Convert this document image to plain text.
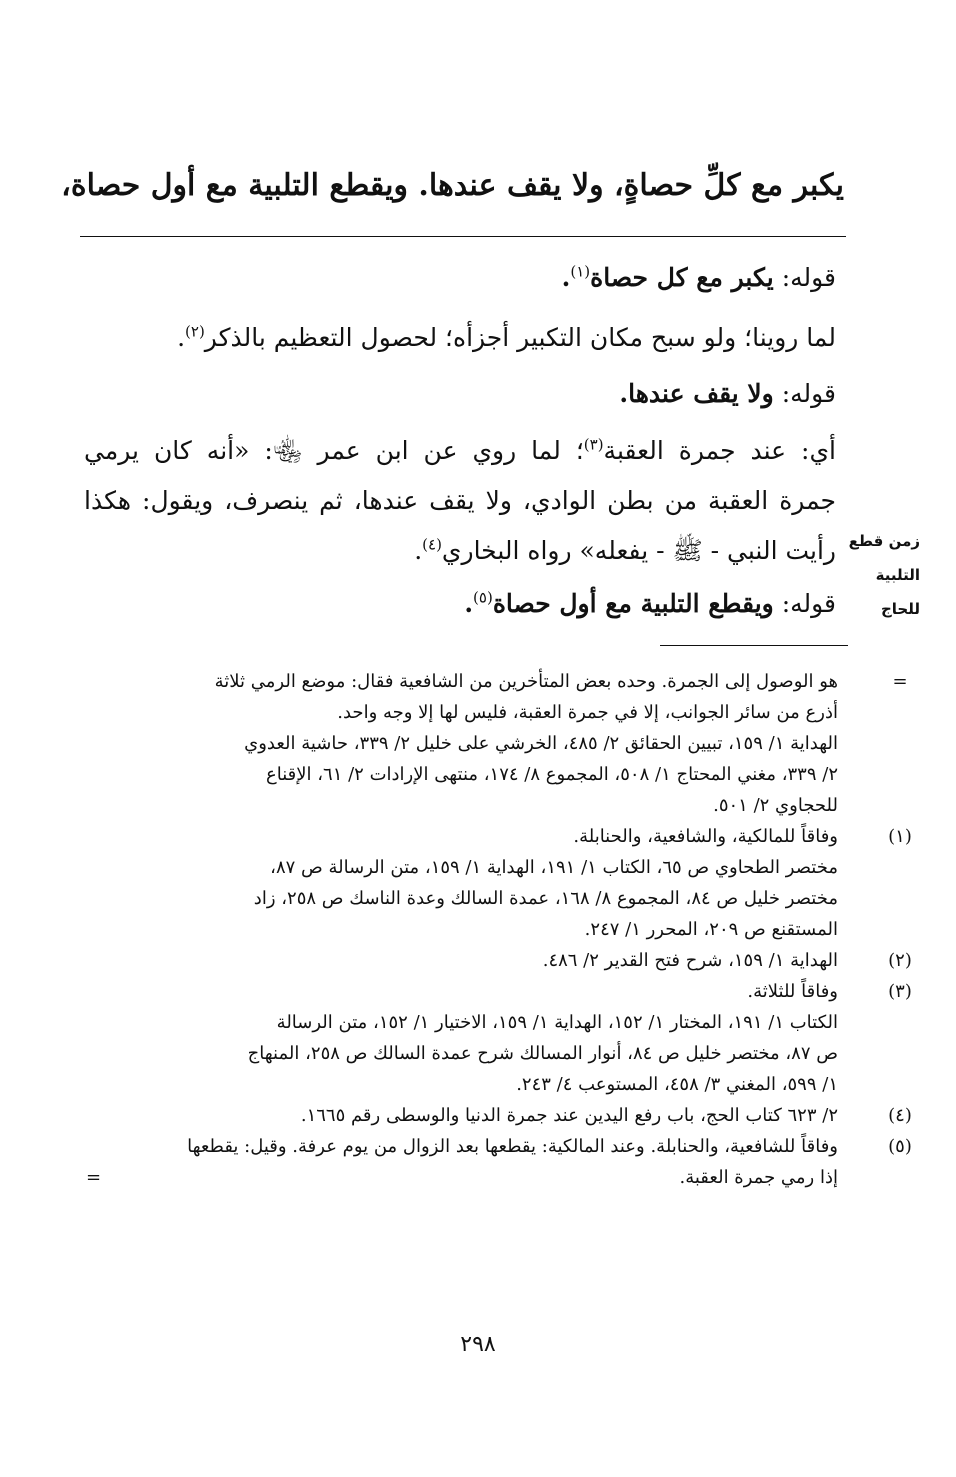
يكبر مع كلِّ حصاةٍ، ولا يقف عندها. ويقطع التلبية مع أول حصاة،
قوله: يكبر مع كل حصاة$^{(١)}$.
لما روينا؛ ولو سبح مكان التكبير أجزأه؛ لحصول التعظيم بالذكر$^{(٢)}$.
قوله: ولا يقف عندها.
أي: عند جمرة العقبة$^{(٣)}$؛ لما روي عن ابن عمر ﵄: «أنه كان يرمي
جمرة العقبة من بطن الوادي، ولا يقف عندها، ثم ينصرف، ويقول: هكذا
رأيت النبي - ﷺ - يفعله» رواه البخاري$^{(٤)}$.
قوله: ويقطع التلبية مع أول حصاة$^{(٥)}$.
زمن قطع
التلبية
للحاج
=
هو الوصول إلى الجمرة. وحده بعض المتأخرين من الشافعية فقال: موضع الرمي ثلاثة
أذرع من سائر الجوانب، إلا في جمرة العقبة، فليس لها إلا وجه واحد.
الهداية ١/ ١٥٩، تبيين الحقائق ٢/ ٤٨٥، الخرشي على خليل ٢/ ٣٣٩، حاشية العدوي
٢/ ٣٣٩، مغني المحتاج ١/ ٥٠٨، المجموع ٨/ ١٧٤، منتهى الإرادات ٢/ ٦١، الإقناع
للحجاوي ٢/ ٥٠١.
(١)
وفاقاً للمالكية، والشافعية، والحنابلة.
مختصر الطحاوي ص ٦٥، الكتاب ١/ ١٩١، الهداية ١/ ١٥٩، متن الرسالة ص ٨٧،
مختصر خليل ص ٨٤، المجموع ٨/ ١٦٨، عمدة السالك وعدة الناسك ص ٢٥٨، زاد
المستقنع ص ٢٠٩، المحرر ١/ ٢٤٧.
(٢)
الهداية ١/ ١٥٩، شرح فتح القدير ٢/ ٤٨٦.
(٣)
وفاقاً للثلاثة.
الكتاب ١/ ١٩١، المختار ١/ ١٥٢، الهداية ١/ ١٥٩، الاختيار ١/ ١٥٢، متن الرسالة
ص ٨٧، مختصر خليل ص ٨٤، أنوار المسالك شرح عمدة السالك ص ٢٥٨، المنهاج
١/ ٥٩٩، المغني ٣/ ٤٥٨، المستوعب ٤/ ٢٤٣.
(٤)
٢/ ٦٢٣ كتاب الحج، باب رفع اليدين عند جمرة الدنيا والوسطى رقم ١٦٦٥.
(٥)
وفاقاً للشافعية، والحنابلة. وعند المالكية: يقطعها بعد الزوال من يوم عرفة. وقيل: يقطعها
إذا رمي جمرة العقبة.
=
٢٩٨
